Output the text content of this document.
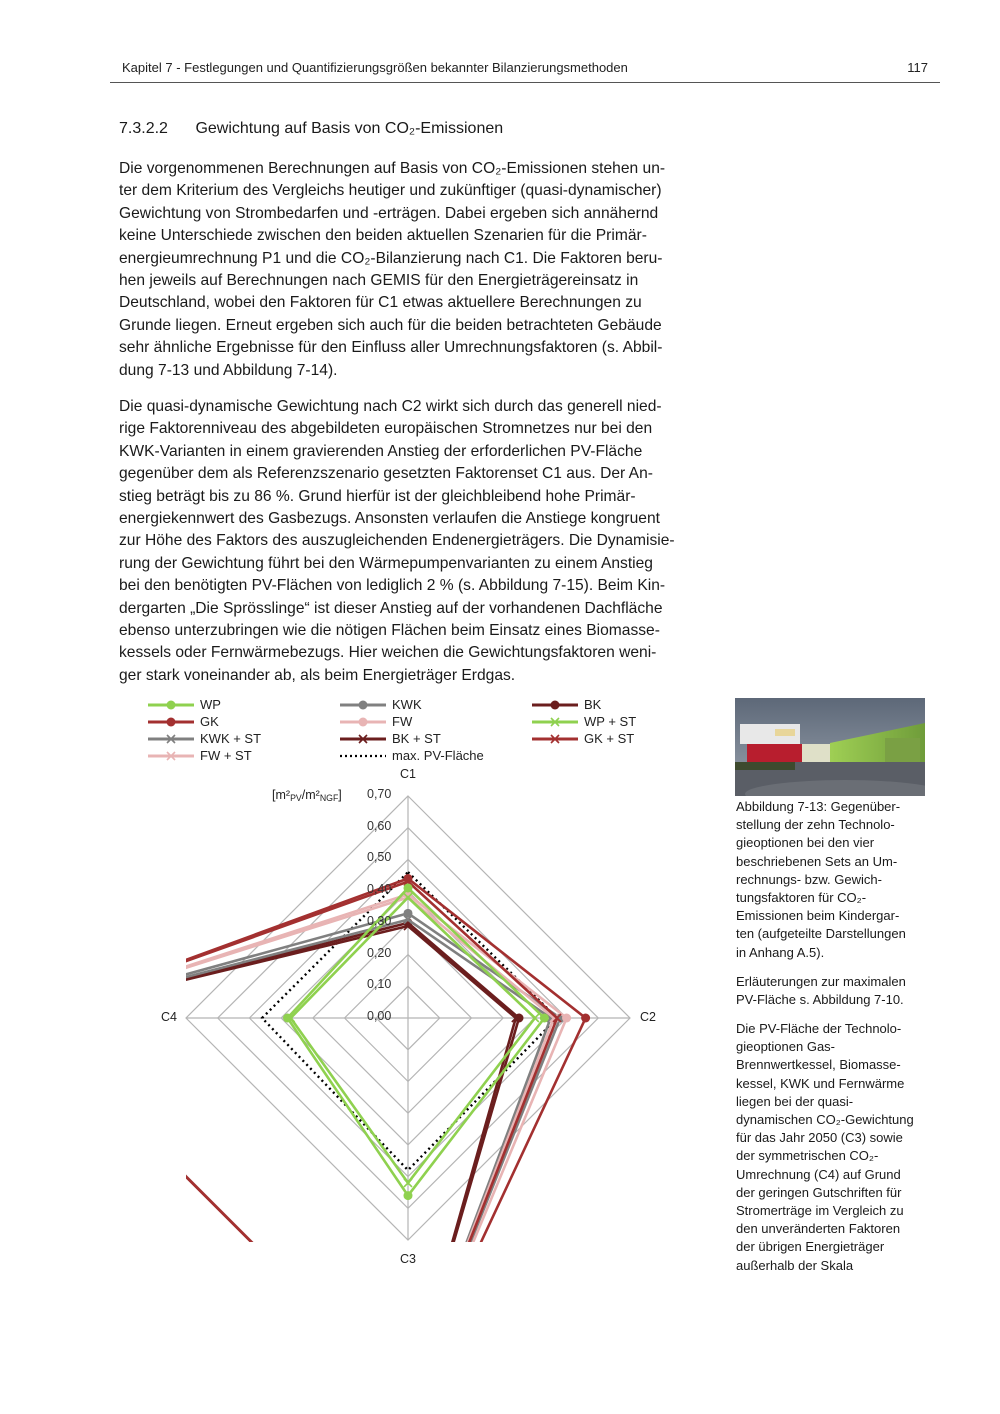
Kapitel 7 - Festlegungen und Quantifizierungsgrößen bekannter Bilanzierungsmethoden	117
7.3.2.2 Gewichtung auf Basis von CO₂-Emissionen
Die vorgenommenen Berechnungen auf Basis von CO₂-Emissionen stehen un-
ter dem Kriterium des Vergleichs heutiger und zukünftiger (quasi-dynamischer)
Gewichtung von Strombedarfen und -erträgen. Dabei ergeben sich annähernd
keine Unterschiede zwischen den beiden aktuellen Szenarien für die Primär-
energieumrechnung P1 und die CO₂-Bilanzierung nach C1. Die Faktoren beru-
hen jeweils auf Berechnungen nach GEMIS für den Energieträgereinsatz in
Deutschland, wobei den Faktoren für C1 etwas aktuellere Berechnungen zu
Grunde liegen. Erneut ergeben sich auch für die beiden betrachteten Gebäude
sehr ähnliche Ergebnisse für den Einfluss aller Umrechnungsfaktoren (s. Abbil-
dung 7-13 und Abbildung 7-14).
Die quasi-dynamische Gewichtung nach C2 wirkt sich durch das generell nied-
rige Faktorenniveau des abgebildeten europäischen Stromnetzes nur bei den
KWK-Varianten in einem gravierenden Anstieg der erforderlichen PV-Fläche
gegenüber dem als Referenzszenario gesetzten Faktorenset C1 aus. Der An-
stieg beträgt bis zu 86 %. Grund hierfür ist der gleichbleibend hohe Primär-
energiekennwert des Gasbezugs. Ansonsten verlaufen die Anstiege kongruent
zur Höhe des Faktors des auszugleichenden Endenergieträgers. Die Dynamisie-
rung der Gewichtung führt bei den Wärmepumpenvarianten zu einem Anstieg
bei den benötigten PV-Flächen von lediglich 2 % (s. Abbildung 7-15). Beim Kin-
dergarten „Die Sprösslinge“ ist dieser Anstieg auf der vorhandenen Dachfläche
ebenso unterzubringen wie die nötigen Flächen beim Einsatz eines Biomasse-
kessels oder Fernwärmebezugs. Hier weichen die Gewichtungsfaktoren weni-
ger stark voneinander ab, als beim Energieträger Erdgas.
WP	KWK	BK
GK	FW	WP + ST
KWK + ST	BK + ST	GK + ST
FW + ST	max. PV-Fläche
C1
$[m^2_{PV}/m^2_{NGF}]$ 0,70
0,60
0,50
0,40
0,30
0,20
0,10
0,00	C2
C3
C4
Abbildung 7-13: Gegenüber-
stellung der zehn Technolo-
gieoptionen bei den vier
beschriebenen Sets an Um-
rechnungs- bzw. Gewich-
tungsfaktoren für CO₂-
Emissionen beim Kindergar-
ten (aufgeteilte Darstellungen
in Anhang A.5).
Erläuterungen zur maximalen
PV-Fläche s. Abbildung 7-10.
Die PV-Fläche der Technolo-
gieoptionen Gas-
Brennwertkessel, Biomasse-
kessel, KWK und Fernwärme
liegen bei der quasi-
dynamischen CO₂-Gewichtung
für das Jahr 2050 (C3) sowie
der symmetrischen CO₂-
Umrechnung (C4) auf Grund
der geringen Gutschriften für
Stromerträge im Vergleich zu
den unveränderten Faktoren
der übrigen Energieträger
außerhalb der Skala
